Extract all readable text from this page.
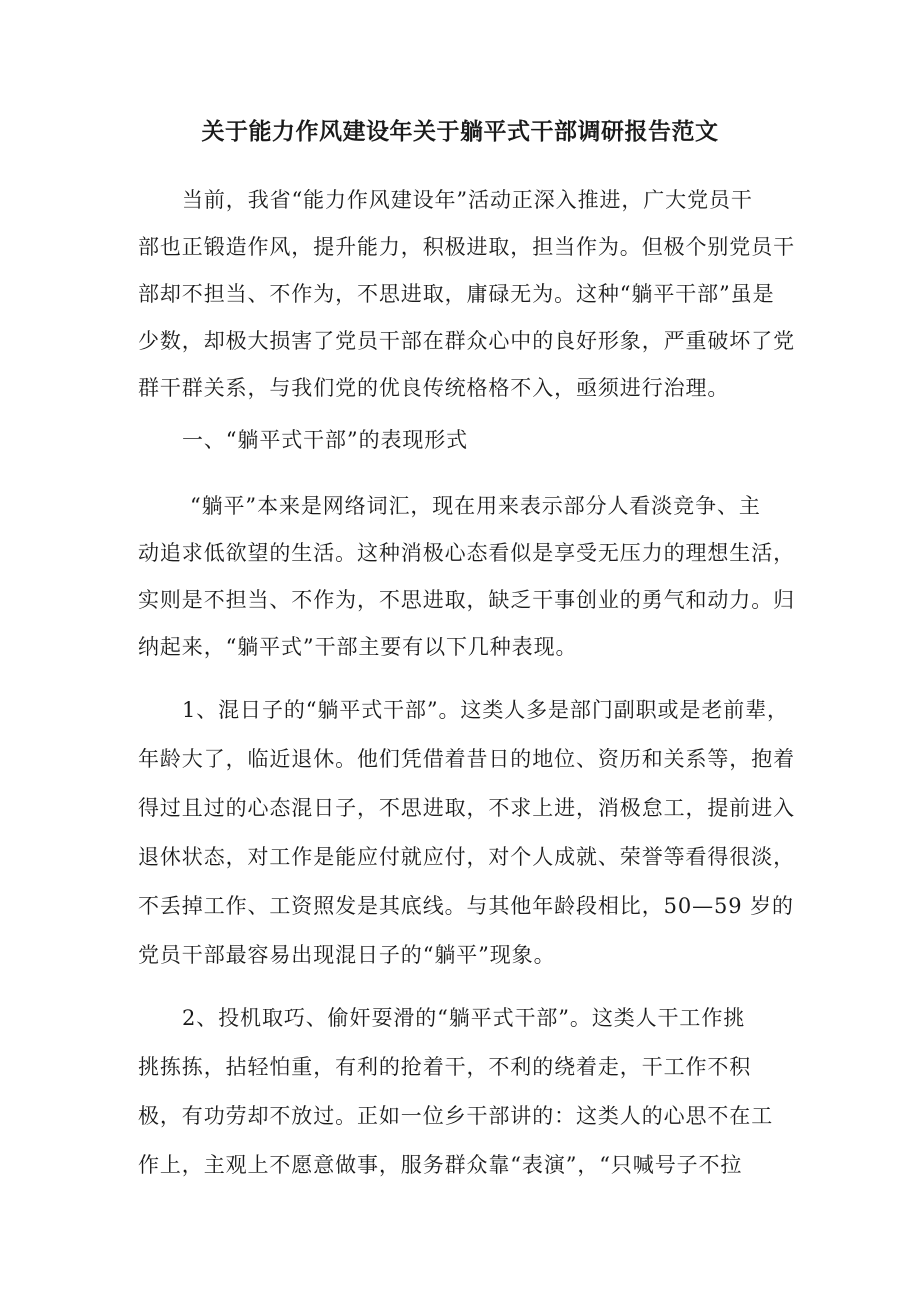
关于能力作风建设年关于躺平式干部调研报告范文
当前，我省“能力作风建设年”活动正深入推进，广大党员干
部也正锻造作风，提升能力，积极进取，担当作为。但极个别党员干
部却不担当、不作为，不思进取，庸碌无为。这种“躺平干部”虽是
少数，却极大损害了党员干部在群众心中的良好形象，严重破坏了党
群干群关系，与我们党的优良传统格格不入，亟须进行治理。
一、“躺平式干部”的表现形式
“躺平”本来是网络词汇，现在用来表示部分人看淡竞争、主
动追求低欲望的生活。这种消极心态看似是享受无压力的理想生活，
实则是不担当、不作为，不思进取，缺乏干事创业的勇气和动力。归
纳起来，“躺平式”干部主要有以下几种表现。
1、混日子的“躺平式干部”。这类人多是部门副职或是老前辈，
年龄大了，临近退休。他们凭借着昔日的地位、资历和关系等，抱着
得过且过的心态混日子，不思进取，不求上进，消极怠工，提前进入
退休状态，对工作是能应付就应付，对个人成就、荣誉等看得很淡，
不丢掉工作、工资照发是其底线。与其他年龄段相比，50—59 岁的
党员干部最容易出现混日子的“躺平”现象。
2、投机取巧、偷奸耍滑的“躺平式干部”。这类人干工作挑
挑拣拣，拈轻怕重，有利的抢着干，不利的绕着走，干工作不积
极，有功劳却不放过。正如一位乡干部讲的：这类人的心思不在工
作上，主观上不愿意做事，服务群众靠“表演”，“只喊号子不拉
